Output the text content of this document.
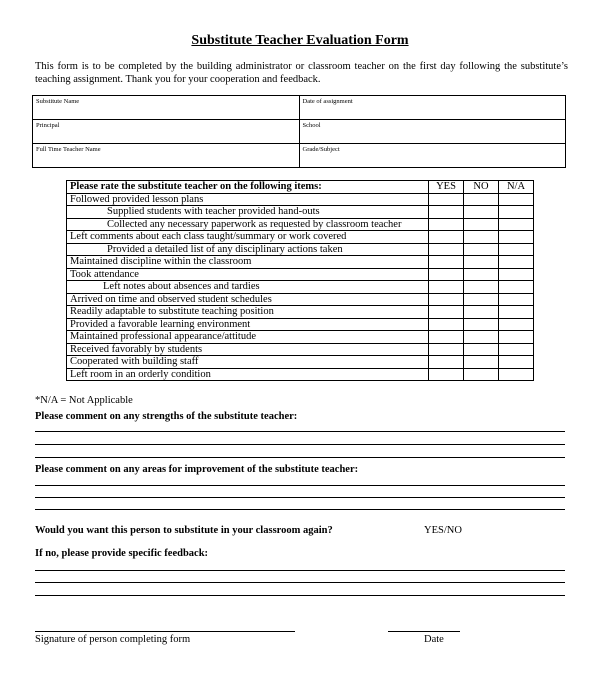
Substitute Teacher Evaluation Form
This form is to be completed by the building administrator or classroom teacher on the first day following the substitute’s teaching assignment. Thank you for your cooperation and feedback.
Substitute Name	Date of assignment
Principal	School
Full Time Teacher Name	Grade/Subject
Please rate the substitute teacher on the following items:	YES	NO	N/A
Followed provided lesson plans			
Supplied students with teacher provided hand-outs			
Collected any necessary paperwork as requested by classroom teacher			
Left comments about each class taught/summary or work covered			
Provided a detailed list of any disciplinary actions taken			
Maintained discipline within the classroom			
Took attendance			
Left notes about absences and tardies			
Arrived on time and observed student schedules			
Readily adaptable to substitute teaching position			
Provided a favorable learning environment			
Maintained professional appearance/attitude			
Received favorably by students			
Cooperated with building staff			
Left room in an orderly condition			
*N/A = Not Applicable
Please comment on any strengths of the substitute teacher:
Please comment on any areas for improvement of the substitute teacher:
Would you want this person to substitute in your classroom again?	YES/NO
If no, please provide specific feedback:
Signature of person completing form	Date
